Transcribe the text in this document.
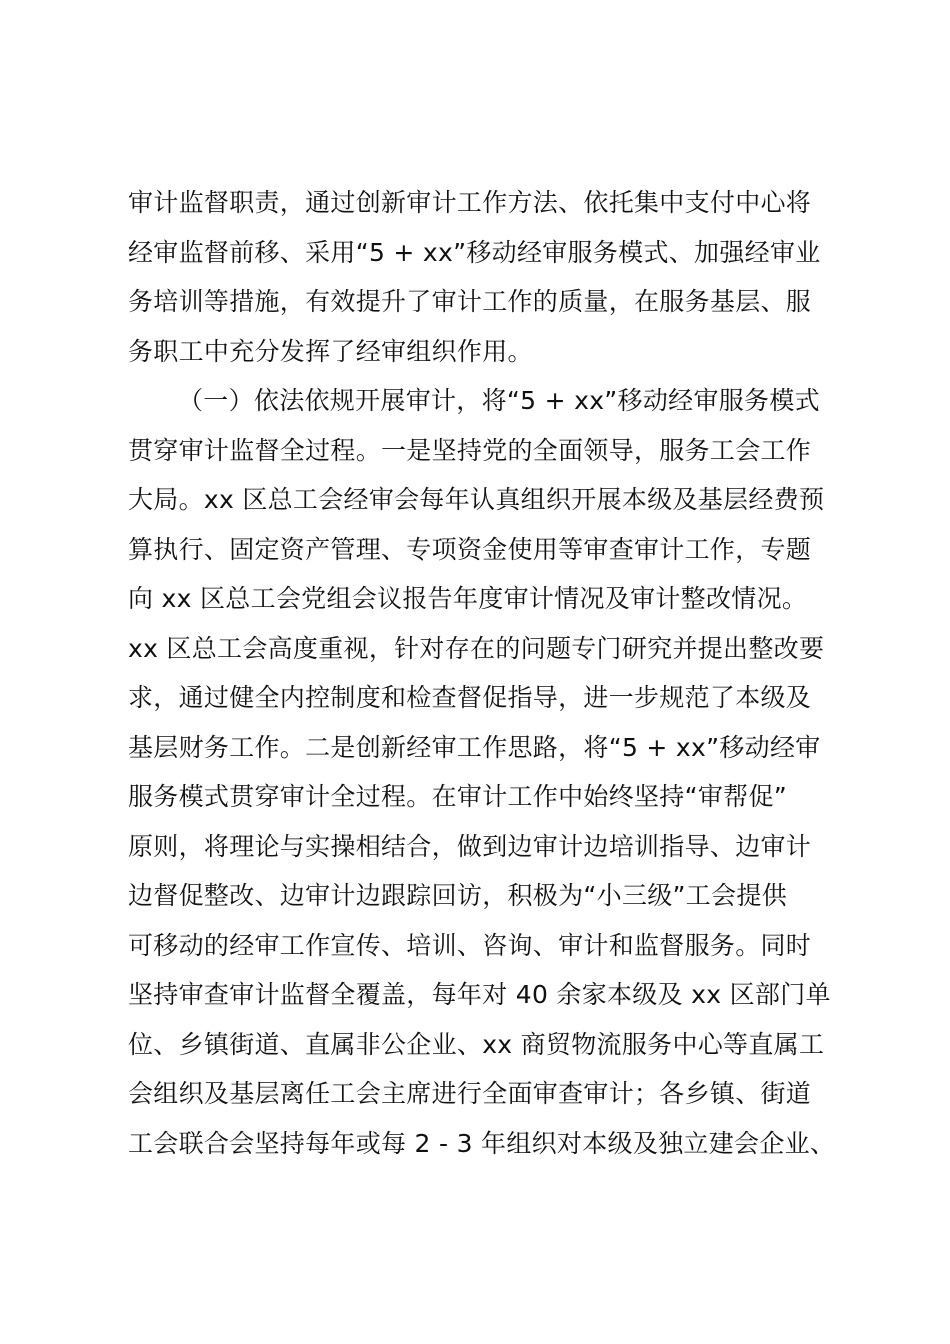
审计监督职责，通过创新审计工作方法、依托集中支付中心将
经审监督前移、采用“5 + xx”移动经审服务模式、加强经审业
务培训等措施，有效提升了审计工作的质量，在服务基层、服
务职工中充分发挥了经审组织作用。
（一）依法依规开展审计，将“5 + xx”移动经审服务模式
贯穿审计监督全过程。一是坚持党的全面领导，服务工会工作
大局。xx 区总工会经审会每年认真组织开展本级及基层经费预
算执行、固定资产管理、专项资金使用等审查审计工作，专题
向 xx 区总工会党组会议报告年度审计情况及审计整改情况。
xx 区总工会高度重视，针对存在的问题专门研究并提出整改要
求，通过健全内控制度和检查督促指导，进一步规范了本级及
基层财务工作。二是创新经审工作思路，将“5 + xx”移动经审
服务模式贯穿审计全过程。在审计工作中始终坚持“审帮促”
原则，将理论与实操相结合，做到边审计边培训指导、边审计
边督促整改、边审计边跟踪回访，积极为“小三级”工会提供
可移动的经审工作宣传、培训、咨询、审计和监督服务。同时
坚持审查审计监督全覆盖，每年对 40 余家本级及 xx 区部门单
位、乡镇街道、直属非公企业、xx 商贸物流服务中心等直属工
会组织及基层离任工会主席进行全面审查审计；各乡镇、街道
工会联合会坚持每年或每 2 - 3 年组织对本级及独立建会企业、
